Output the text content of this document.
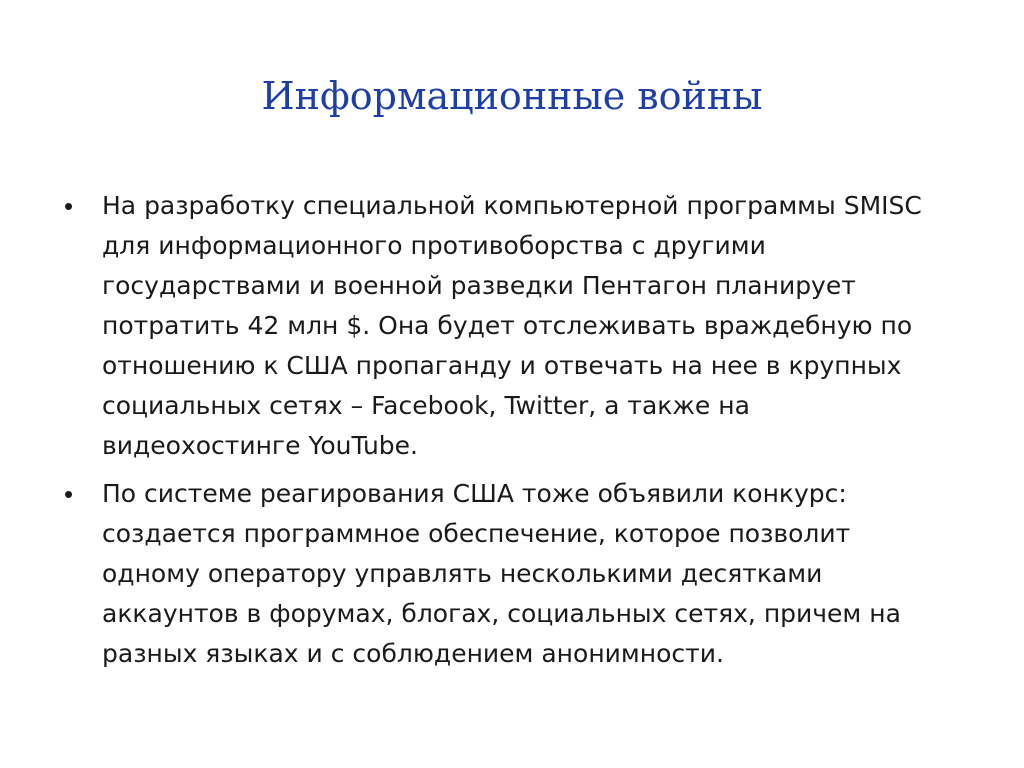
Информационные войны
• На разработку специальной компьютерной программы SMISC для информационного противоборства с другими государствами и военной разведки Пентагон планирует потратить 42 млн $. Она будет отслеживать враждебную по отношению к США пропаганду и отвечать на нее в крупных социальных сетях – Facebook, Twitter, а также на видеохостинге YouTube.

• По системе реагирования США тоже объявили конкурс: создается программное обеспечение, которое позволит одному оператору управлять несколькими десятками аккаунтов в форумах, блогах, социальных сетях, причем на разных языках и с соблюдением анонимности.
